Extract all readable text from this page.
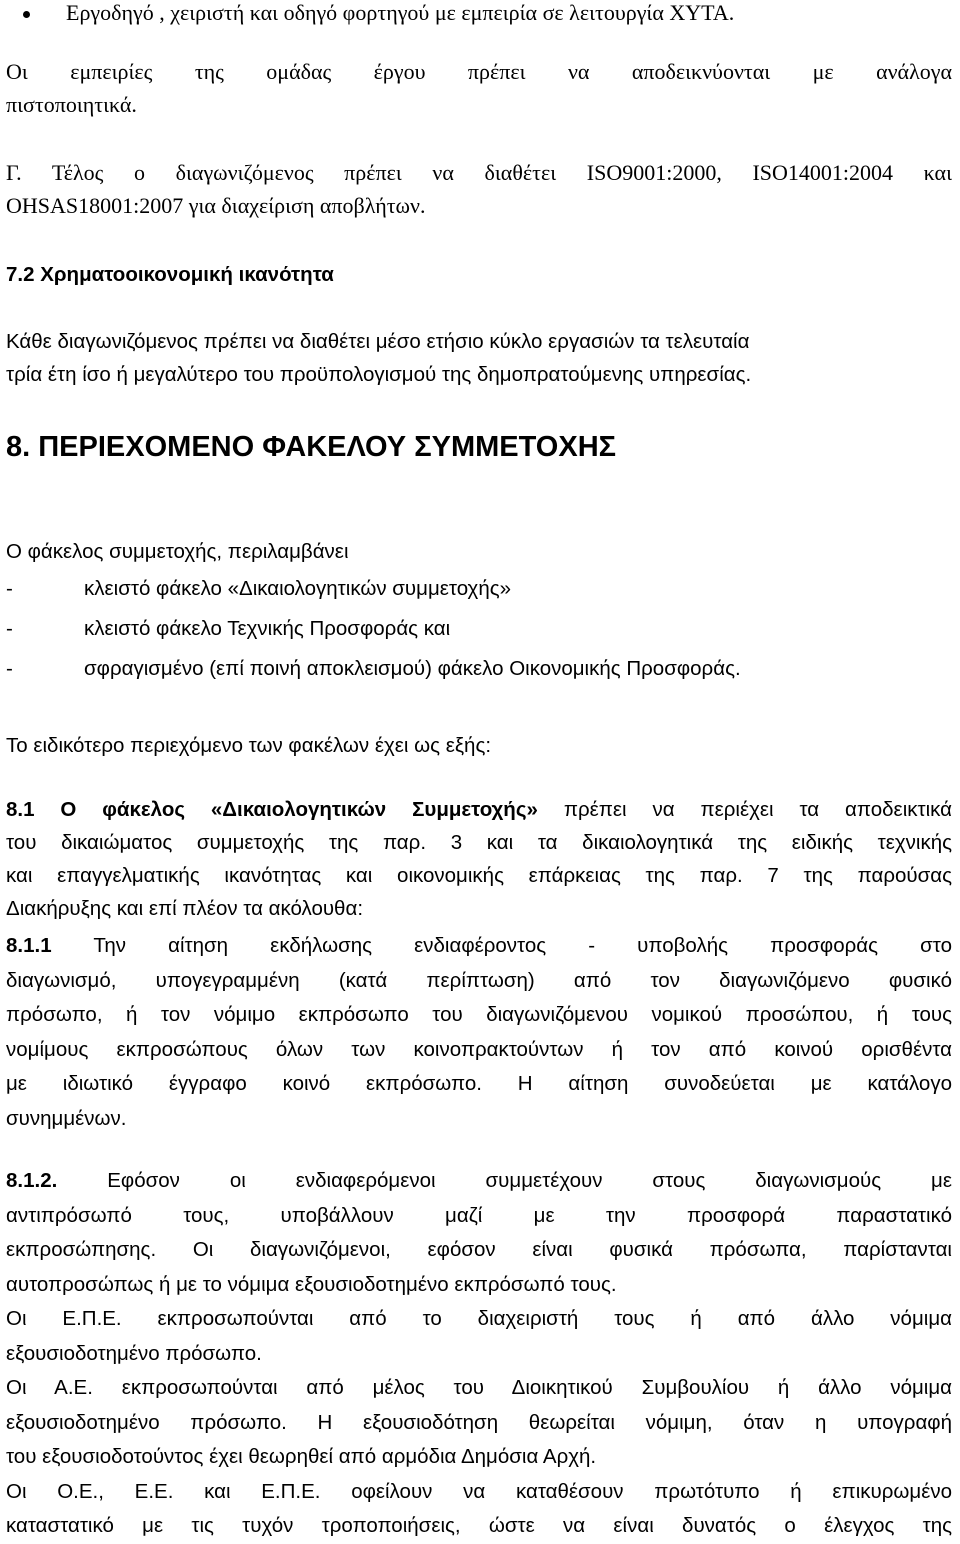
Εργοδηγό , χειριστή και οδηγό φορτηγού με εμπειρία σε λειτουργία ΧΥΤΑ.
Οι εμπειρίες της ομάδας έργου πρέπει να αποδεικνύονται με ανάλογα
πιστοποιητικά.
Γ. Τέλος ο διαγωνιζόμενος πρέπει να διαθέτει ISO9001:2000, ISO14001:2004 και
OHSAS18001:2007 για διαχείριση αποβλήτων.
7.2 Χρηματοοικονομική ικανότητα
Κάθε διαγωνιζόμενος πρέπει να διαθέτει μέσο ετήσιο κύκλο εργασιών τα τελευταία
τρία έτη ίσο ή μεγαλύτερο του προϋπολογισμού της δημοπρατούμενης υπηρεσίας.
8. ΠΕΡΙΕΧΟΜΕΝΟ ΦΑΚΕΛΟΥ ΣΥΜΜΕΤΟΧΗΣ
Ο φάκελος συμμετοχής, περιλαμβάνει
-	κλειστό φάκελο «Δικαιολογητικών συμμετοχής»
-	κλειστό φάκελο Τεχνικής Προσφοράς και
-	σφραγισμένο (επί ποινή αποκλεισμού) φάκελο Οικονομικής Προσφοράς.
Το ειδικότερο περιεχόμενο των φακέλων έχει ως εξής:
8.1 Ο φάκελος «Δικαιολογητικών Συμμετοχής» πρέπει να περιέχει τα αποδεικτικά
του δικαιώματος συμμετοχής της παρ. 3 και τα δικαιολογητικά της ειδικής τεχνικής
και επαγγελματικής ικανότητας και οικονομικής επάρκειας της παρ. 7 της παρούσας
Διακήρυξης και επί πλέον τα ακόλουθα:
8.1.1 Την αίτηση εκδήλωσης ενδιαφέροντος - υποβολής προσφοράς στο
διαγωνισμό, υπογεγραμμένη (κατά περίπτωση) από τον διαγωνιζόμενο φυσικό
πρόσωπο, ή τον νόμιμο εκπρόσωπο του διαγωνιζόμενου νομικού προσώπου, ή τους
νομίμους εκπροσώπους όλων των κοινοπρακτούντων ή τον από κοινού ορισθέντα
με ιδιωτικό έγγραφο κοινό εκπρόσωπο. Η αίτηση συνοδεύεται με κατάλογο
συνημμένων.
8.1.2. Εφόσον οι ενδιαφερόμενοι συμμετέχουν στους διαγωνισμούς με
αντιπρόσωπό τους, υποβάλλουν μαζί με την προσφορά παραστατικό
εκπροσώπησης. Οι διαγωνιζόμενοι, εφόσον είναι φυσικά πρόσωπα, παρίστανται
αυτοπροσώπως ή με το νόμιμα εξουσιοδοτημένο εκπρόσωπό τους.
Οι Ε.Π.Ε. εκπροσωπούνται από το διαχειριστή τους ή από άλλο νόμιμα
εξουσιοδοτημένο πρόσωπο.
Οι Α.Ε. εκπροσωπούνται από μέλος του Διοικητικού Συμβουλίου ή άλλο νόμιμα
εξουσιοδοτημένο πρόσωπο. Η εξουσιοδότηση θεωρείται νόμιμη, όταν η υπογραφή
του εξουσιοδοτούντος έχει θεωρηθεί από αρμόδια Δημόσια Αρχή.
Οι Ο.Ε., Ε.Ε. και Ε.Π.Ε. οφείλουν να καταθέσουν πρωτότυπο ή επικυρωμένο
καταστατικό με τις τυχόν τροποποιήσεις, ώστε να είναι δυνατός ο έλεγχος της
